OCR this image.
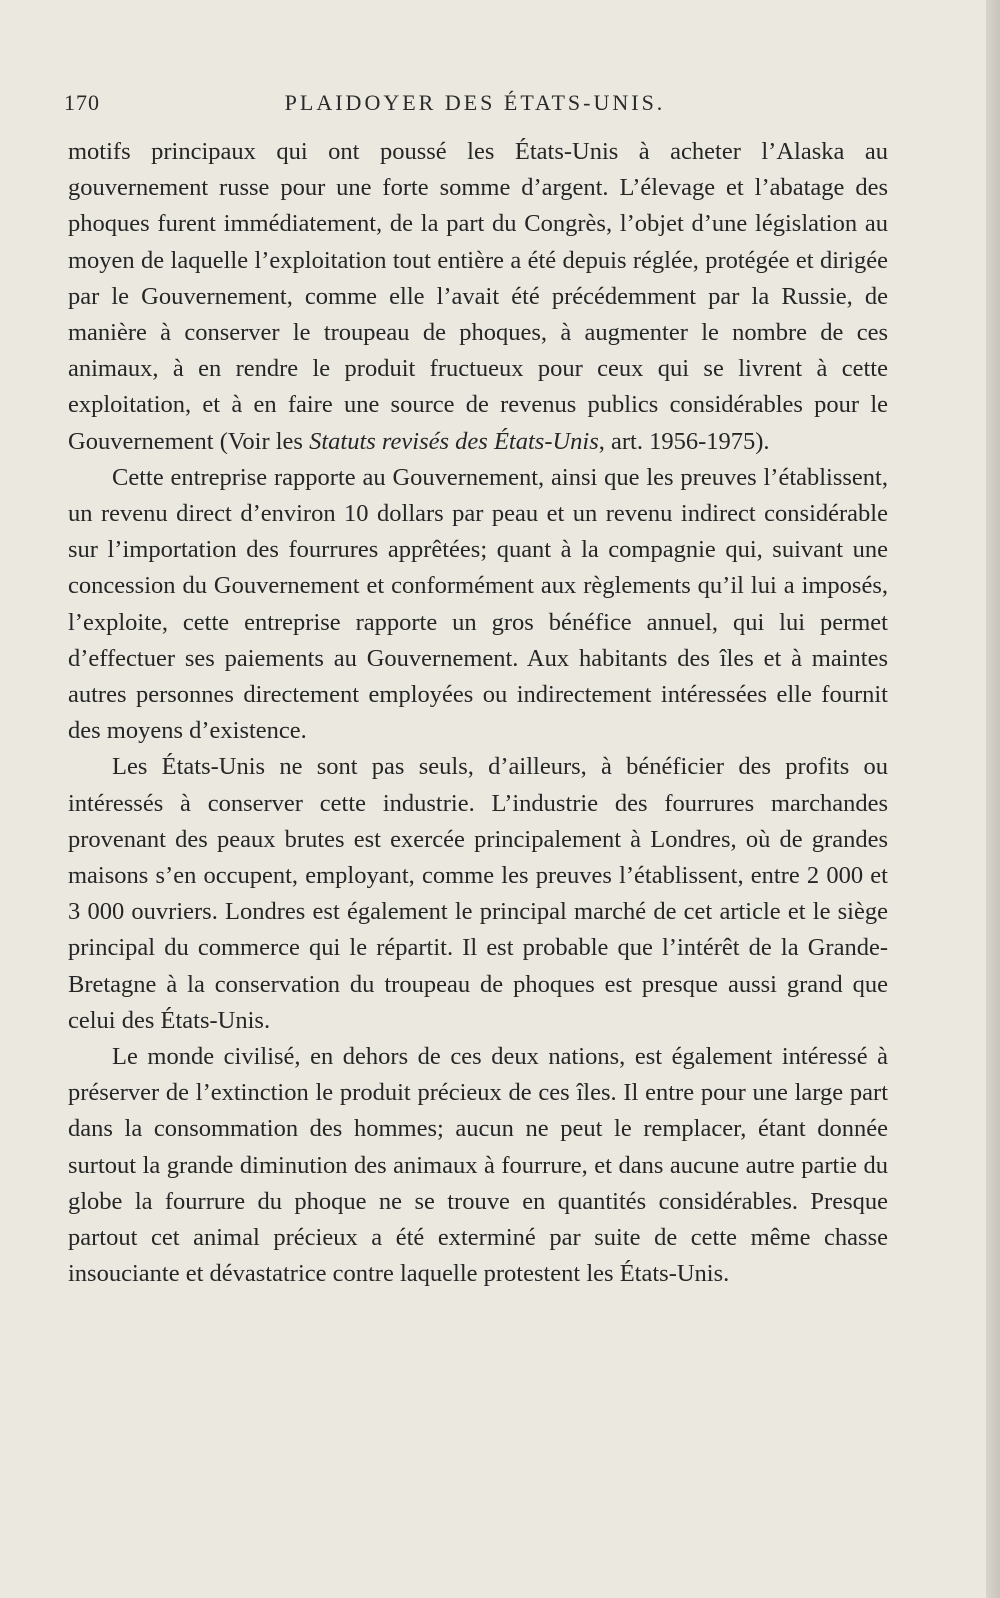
170	PLAIDOYER DES ÉTATS-UNIS.

motifs principaux qui ont poussé les États-Unis à acheter l’Alaska au gouvernement russe pour une forte somme d’argent. L’élevage et l’abatage des phoques furent immédiatement, de la part du Congrès, l’objet d’une législation au moyen de laquelle l’exploitation tout entière a été depuis réglée, protégée et dirigée par le Gouvernement, comme elle l’avait été précédemment par la Russie, de manière à conserver le troupeau de phoques, à augmenter le nombre de ces animaux, à en rendre le produit fructueux pour ceux qui se livrent à cette exploitation, et à en faire une source de revenus publics considérables pour le Gouvernement (Voir les Statuts revisés des États-Unis, art. 1956-1975).

Cette entreprise rapporte au Gouvernement, ainsi que les preuves l’établissent, un revenu direct d’environ 10 dollars par peau et un revenu indirect considérable sur l’importation des fourrures apprêtées; quant à la compagnie qui, suivant une concession du Gouvernement et conformément aux règlements qu’il lui a imposés, l’exploite, cette entreprise rapporte un gros bénéfice annuel, qui lui permet d’effectuer ses paiements au Gouvernement. Aux habitants des îles et à maintes autres personnes directement employées ou indirectement intéressées elle fournit des moyens d’existence.

Les États-Unis ne sont pas seuls, d’ailleurs, à bénéficier des profits ou intéressés à conserver cette industrie. L’industrie des fourrures marchandes provenant des peaux brutes est exercée principalement à Londres, où de grandes maisons s’en occupent, employant, comme les preuves l’établissent, entre 2 000 et 3 000 ouvriers. Londres est également le principal marché de cet article et le siège principal du commerce qui le répartit. Il est probable que l’intérêt de la Grande-Bretagne à la conservation du troupeau de phoques est presque aussi grand que celui des États-Unis.

Le monde civilisé, en dehors de ces deux nations, est également intéressé à préserver de l’extinction le produit précieux de ces îles. Il entre pour une large part dans la consommation des hommes; aucun ne peut le remplacer, étant donnée surtout la grande diminution des animaux à fourrure, et dans aucune autre partie du globe la fourrure du phoque ne se trouve en quantités considérables. Presque partout cet animal précieux a été exterminé par suite de cette même chasse insouciante et dévastatrice contre laquelle protestent les États-Unis.
